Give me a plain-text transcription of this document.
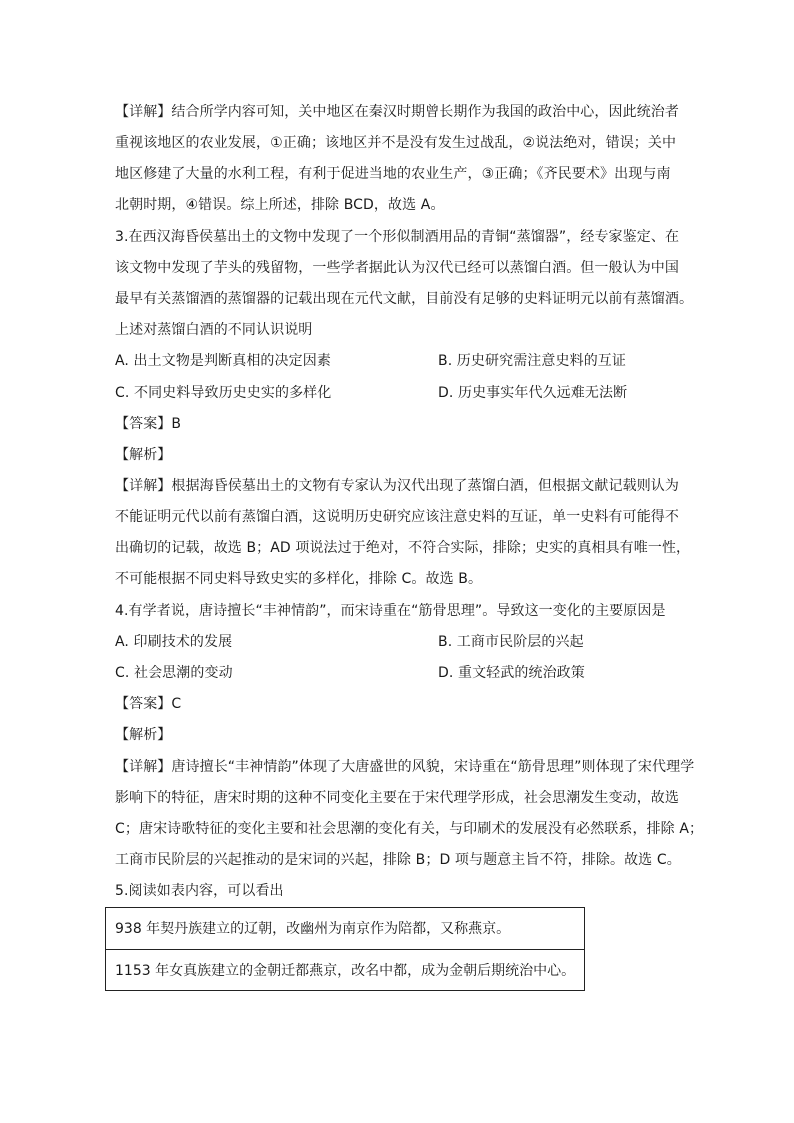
【详解】结合所学内容可知，关中地区在秦汉时期曾长期作为我国的政治中心，因此统治者
重视该地区的农业发展，①正确；该地区并不是没有发生过战乱，②说法绝对，错误；关中
地区修建了大量的水利工程，有利于促进当地的农业生产，③正确；《齐民要术》出现与南
北朝时期，④错误。综上所述，排除 BCD，故选 A。
3.在西汉海昏侯墓出土的文物中发现了一个形似制酒用品的青铜“蒸馏器”，经专家鉴定、在
该文物中发现了芋头的残留物，一些学者据此认为汉代已经可以蒸馏白酒。但一般认为中国
最早有关蒸馏酒的蒸馏器的记载出现在元代文献，目前没有足够的史料证明元以前有蒸馏酒。
上述对蒸馏白酒的不同认识说明
A. 出土文物是判断真相的决定因素	B. 历史研究需注意史料的互证
C. 不同史料导致历史史实的多样化	D. 历史事实年代久远难无法断
【答案】B
【解析】
【详解】根据海昏侯墓出土的文物有专家认为汉代出现了蒸馏白酒，但根据文献记载则认为
不能证明元代以前有蒸馏白酒，这说明历史研究应该注意史料的互证，单一史料有可能得不
出确切的记载，故选 B；AD 项说法过于绝对，不符合实际，排除；史实的真相具有唯一性，
不可能根据不同史料导致史实的多样化，排除 C。故选 B。
4.有学者说，唐诗擅长“丰神情韵”，而宋诗重在“筋骨思理”。导致这一变化的主要原因是
A. 印刷技术的发展	B. 工商市民阶层的兴起
C. 社会思潮的变动	D. 重文轻武的统治政策
【答案】C
【解析】
【详解】唐诗擅长“丰神情韵”体现了大唐盛世的风貌，宋诗重在“筋骨思理”则体现了宋代理学
影响下的特征，唐宋时期的这种不同变化主要在于宋代理学形成，社会思潮发生变动，故选
C；唐宋诗歌特征的变化主要和社会思潮的变化有关，与印刷术的发展没有必然联系，排除 A；
工商市民阶层的兴起推动的是宋词的兴起，排除 B；D 项与题意主旨不符，排除。故选 C。
5.阅读如表内容，可以看出
938 年契丹族建立的辽朝，改幽州为南京作为陪都，又称燕京。
1153 年女真族建立的金朝迁都燕京，改名中都，成为金朝后期统治中心。
